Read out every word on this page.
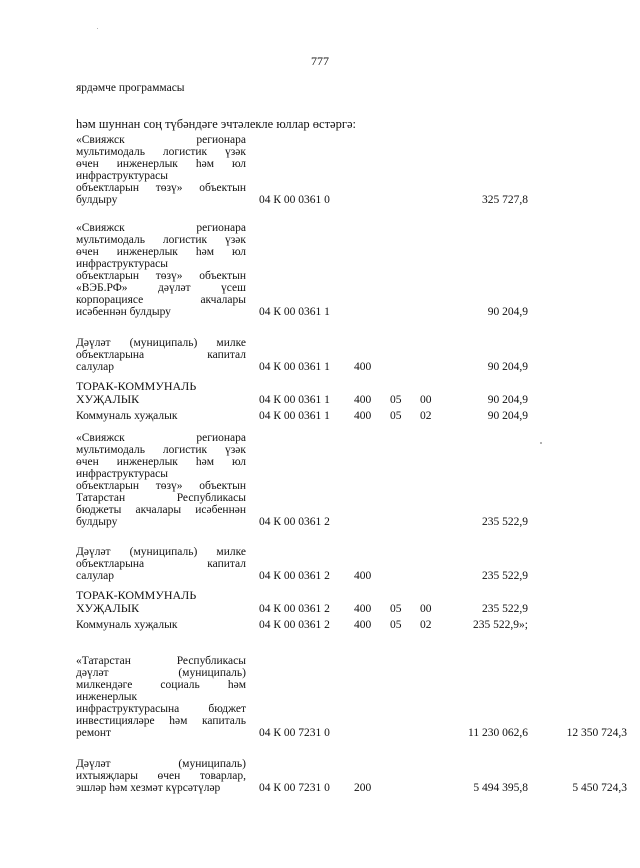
777
ярдәмче программасы
һәм шуннан соң түбәндәге эчтәлекле юллар өстәргә:
«Свияжск регионара
мультимодаль логистик үзәк
өчен инженерлык һәм юл
инфраструктурасы
объектларын төзү» объектын
булдыру	04 К 00 0361 0	325 727,8
«Свияжск регионара
мультимодаль логистик үзәк
өчен инженерлык һәм юл
инфраструктурасы
объектларын төзү» объектын
«ВЭБ.РФ» дәүләт үсеш
корпорациясе акчалары
исәбеннән булдыру	04 К 00 0361 1	90 204,9
Дәүләт (муниципаль) милке
объектларына капитал
салулар	04 К 00 0361 1 400	90 204,9
ТОРАК-КОММУНАЛЬ
ХУҖАЛЫК	04 К 00 0361 1 400 05 00	90 204,9
Коммуналь хуҗалык	04 К 00 0361 1 400 05 02	90 204,9
«Свияжск регионара
мультимодаль логистик үзәк
өчен инженерлык һәм юл
инфраструктурасы
объектларын төзү» объектын
Татарстан Республикасы
бюджеты акчалары исәбеннән
булдыру	04 К 00 0361 2	235 522,9
Дәүләт (муниципаль) милке
объектларына капитал
салулар	04 К 00 0361 2 400	235 522,9
ТОРАК-КОММУНАЛЬ
ХУҖАЛЫК	04 К 00 0361 2 400 05 00	235 522,9
Коммуналь хуҗалык	04 К 00 0361 2 400 05 02	235 522,9»;
«Татарстан Республикасы
дәүләт (муниципаль)
милкендәге социаль һәм
инженерлык
инфраструктурасына бюджет
инвестицияләре һәм капиталь
ремонт	04 К 00 7231 0	11 230 062,6	12 350 724,3
Дәүләт (муниципаль)
ихтыяҗлары өчен товарлар,
эшләр һәм хезмәт күрсәтүләр	04 К 00 7231 0 200	5 494 395,8	5 450 724,3
